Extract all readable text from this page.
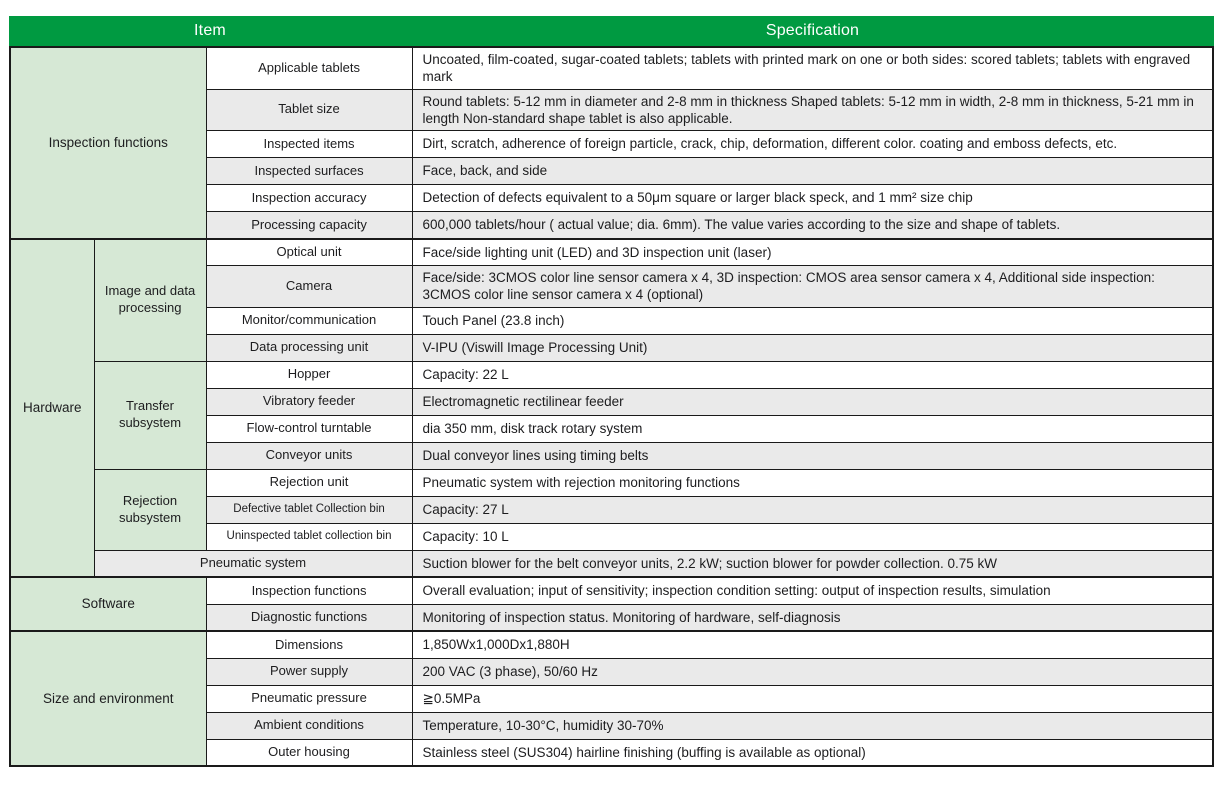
Item	Specification
Inspection functions		Applicable tablets	Uncoated, film-coated, sugar-coated tablets; tablets with printed mark on one or both sides: scored tablets; tablets with engraved mark
		Tablet size	Round tablets: 5-12 mm in diameter and 2-8 mm in thickness Shaped tablets: 5-12 mm in width, 2-8 mm in thickness, 5-21 mm in length Non-standard shape tablet is also applicable.
		Inspected items	Dirt, scratch, adherence of foreign particle, crack, chip, deformation, different color. coating and emboss defects, etc.
		Inspected surfaces	Face, back, and side
		Inspection accuracy	Detection of defects equivalent to a 50μm square or larger black speck, and 1 mm² size chip
		Processing capacity	600,000 tablets/hour ( actual value; dia. 6mm). The value varies according to the size and shape of tablets.
Hardware	Image and data processing	Optical unit	Face/side lighting unit (LED) and 3D inspection unit (laser)
		Camera	Face/side: 3CMOS color line sensor camera x 4, 3D inspection: CMOS area sensor camera x 4, Additional side inspection: 3CMOS color line sensor camera x 4 (optional)
		Monitor/communication	Touch Panel (23.8 inch)
		Data processing unit	V-IPU (Viswill Image Processing Unit)
	Transfer subsystem	Hopper	Capacity: 22 L
		Vibratory feeder	Electromagnetic rectilinear feeder
		Flow-control turntable	dia 350 mm, disk track rotary system
		Conveyor units	Dual conveyor lines using timing belts
	Rejection subsystem	Rejection unit	Pneumatic system with rejection monitoring functions
		Defective tablet Collection bin	Capacity: 27 L
		Uninspected tablet collection bin	Capacity: 10 L
	Pneumatic system		Suction blower for the belt conveyor units, 2.2 kW; suction blower for powder collection. 0.75 kW
Software		Inspection functions	Overall evaluation; input of sensitivity; inspection condition setting: output of inspection results, simulation
		Diagnostic functions	Monitoring of inspection status. Monitoring of hardware, self-diagnosis
Size and environment		Dimensions	1,850Wx1,000Dx1,880H
		Power supply	200 VAC (3 phase), 50/60 Hz
		Pneumatic pressure	≧0.5MPa
		Ambient conditions	Temperature, 10-30°C, humidity 30-70%
		Outer housing	Stainless steel (SUS304) hairline finishing (buffing is available as optional)
